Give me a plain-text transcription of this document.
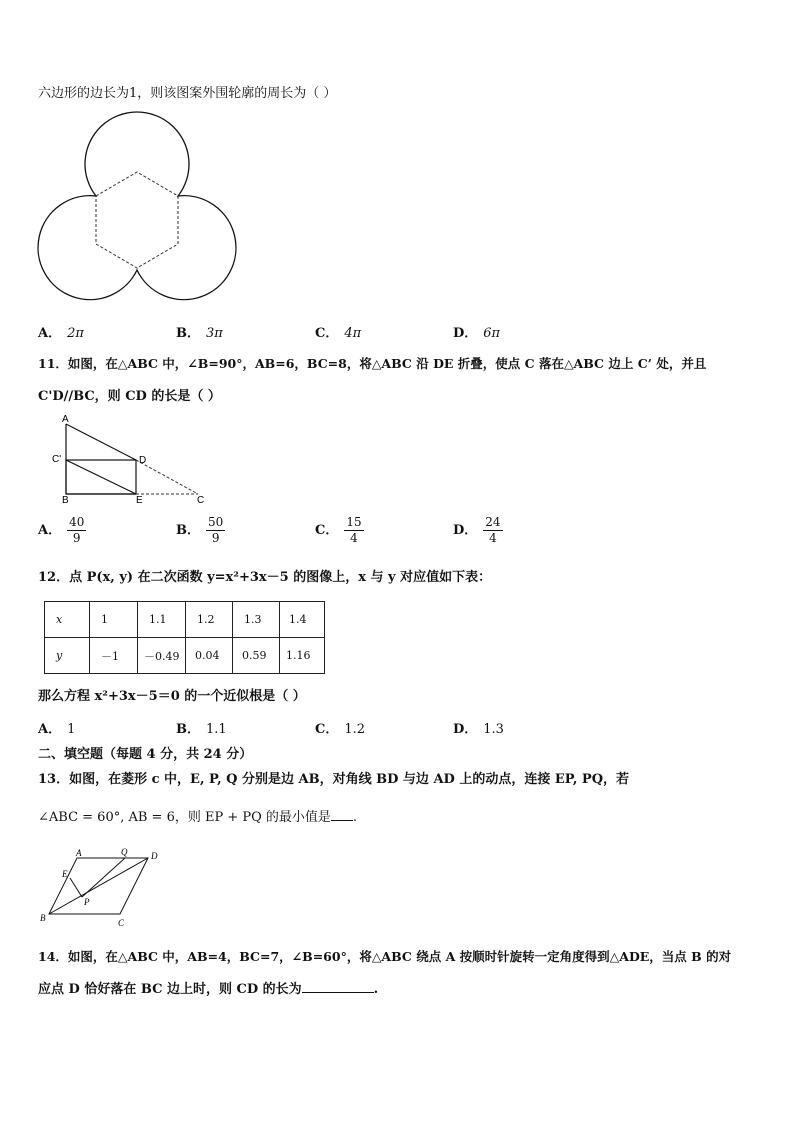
六边形的边长为1，则该图案外围轮廓的周长为（ ）
A． 2π	B． 3π	C． 4π	D． 6π
11．如图，在△ABC 中，∠B=90°，AB=6，BC=8，将△ABC 沿 DE 折叠，使点 C 落在△ABC 边上 C’ 处，并且
C'D//BC，则 CD 的长是（ ）
A
C'	D
B	E	C
A． $\frac{40}{9}$	B． $\frac{50}{9}$	C． $\frac{15}{4}$	D． $\frac{24}{4}$
12．点 P(x, y) 在二次函数 y=x²+3x－5 的图像上，x 与 y 对应值如下表：
x	1	1.1	1.2	1.3	1.4
y	－1	－0.49	0.04	0.59	1.16
那么方程 x²+3x－5＝0 的一个近似根是（ ）
A． 1	B． 1.1	C． 1.2	D． 1.3
二、填空题（每题 4 分，共 24 分）
13．如图，在菱形 c 中，E, P, Q 分别是边 AB，对角线 BD 与边 AD 上的动点，连接 EP, PQ，若
∠ABC = 60°, AB = 6，则 EP + PQ 的最小值是 .
A	Q	D
E
P
B	C
14．如图，在△ABC 中，AB=4，BC=7，∠B=60°，将△ABC 绕点 A 按顺时针旋转一定角度得到△ADE，当点 B 的对
应点 D 恰好落在 BC 边上时，则 CD 的长为	.
